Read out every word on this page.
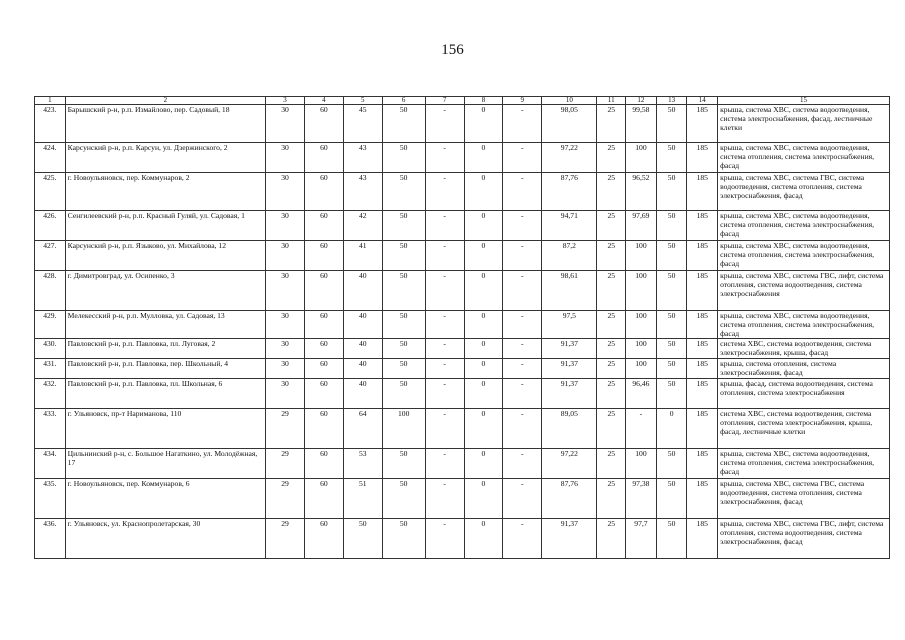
156
1	2	3	4	5	6	7	8	9	10	11	12	13	14	15
423.	Барышский р-н, р.п. Измайлово, пер. Садовый, 18	30	60	45	50	-	0	-	98,05	25	99,58	50	185	крыша, система ХВС, система водоотведения, система электроснабжения, фасад, лестничные клетки
424.	Карсунский р-н, р.п. Карсун, ул. Дзержинского, 2	30	60	43	50	-	0	-	97,22	25	100	50	185	крыша, система ХВС, система водоотведения, система отопления, система электроснабжения, фасад
425.	г. Новоульяновск, пер. Коммунаров, 2	30	60	43	50	-	0	-	87,76	25	96,52	50	185	крыша, система ХВС, система ГВС, система водоотведения, система отопления, система электроснабжения, фасад
426.	Сенгилеевский р-н, р.п. Красный Гуляй, ул. Садовая, 1	30	60	42	50	-	0	-	94,71	25	97,69	50	185	крыша, система ХВС, система водоотведения, система отопления, система электроснабжения, фасад
427.	Карсунский р-н, р.п. Языково, ул. Михайлова, 12	30	60	41	50	-	0	-	87,2	25	100	50	185	крыша, система ХВС, система водоотведения, система отопления, система электроснабжения, фасад
428.	г. Димитровград, ул. Осипенко, 3	30	60	40	50	-	0	-	98,61	25	100	50	185	крыша, система ХВС, система ГВС, лифт, система отопления, система водоотведения, система электроснабжения
429.	Мелекесский р-н, р.п. Мулловка, ул. Садовая, 13	30	60	40	50	-	0	-	97,5	25	100	50	185	крыша, система ХВС, система водоотведения, система отопления, система электроснабжения, фасад
430.	Павловский р-н, р.п. Павловка, пл. Луговая, 2	30	60	40	50	-	0	-	91,37	25	100	50	185	система ХВС, система водоотведения, система электроснабжения, крыша, фасад
431.	Павловский р-н, р.п. Павловка, пер. Школьный, 4	30	60	40	50	-	0	-	91,37	25	100	50	185	крыша, система отопления, система электроснабжения, фасад
432.	Павловский р-н, р.п. Павловка, пл. Школьная, 6	30	60	40	50	-	0	-	91,37	25	96,46	50	185	крыша, фасад, система водоотведения, система отопления, система электроснабжения
433.	г. Ульяновск, пр-т Нариманова, 110	29	60	64	100	-	0	-	89,05	25	-	0	185	система ХВС, система водоотведения, система отопления, система электроснабжения, крыша, фасад, лестничные клетки
434.	Цильнинский р-н, с. Большое Нагаткино, ул. Молодёжная, 17	29	60	53	50	-	0	-	97,22	25	100	50	185	крыша, система ХВС, система водоотведения, система отопления, система электроснабжения, фасад
435.	г. Новоульяновск, пер. Коммунаров, 6	29	60	51	50	-	0	-	87,76	25	97,38	50	185	крыша, система ХВС, система ГВС, система водоотведения, система отопления, система электроснабжения, фасад
436.	г. Ульяновск, ул. Краснопролетарская, 30	29	60	50	50	-	0	-	91,37	25	97,7	50	185	крыша, система ХВС, система ГВС, лифт, система отопления, система водоотведения, система электроснабжения, фасад
